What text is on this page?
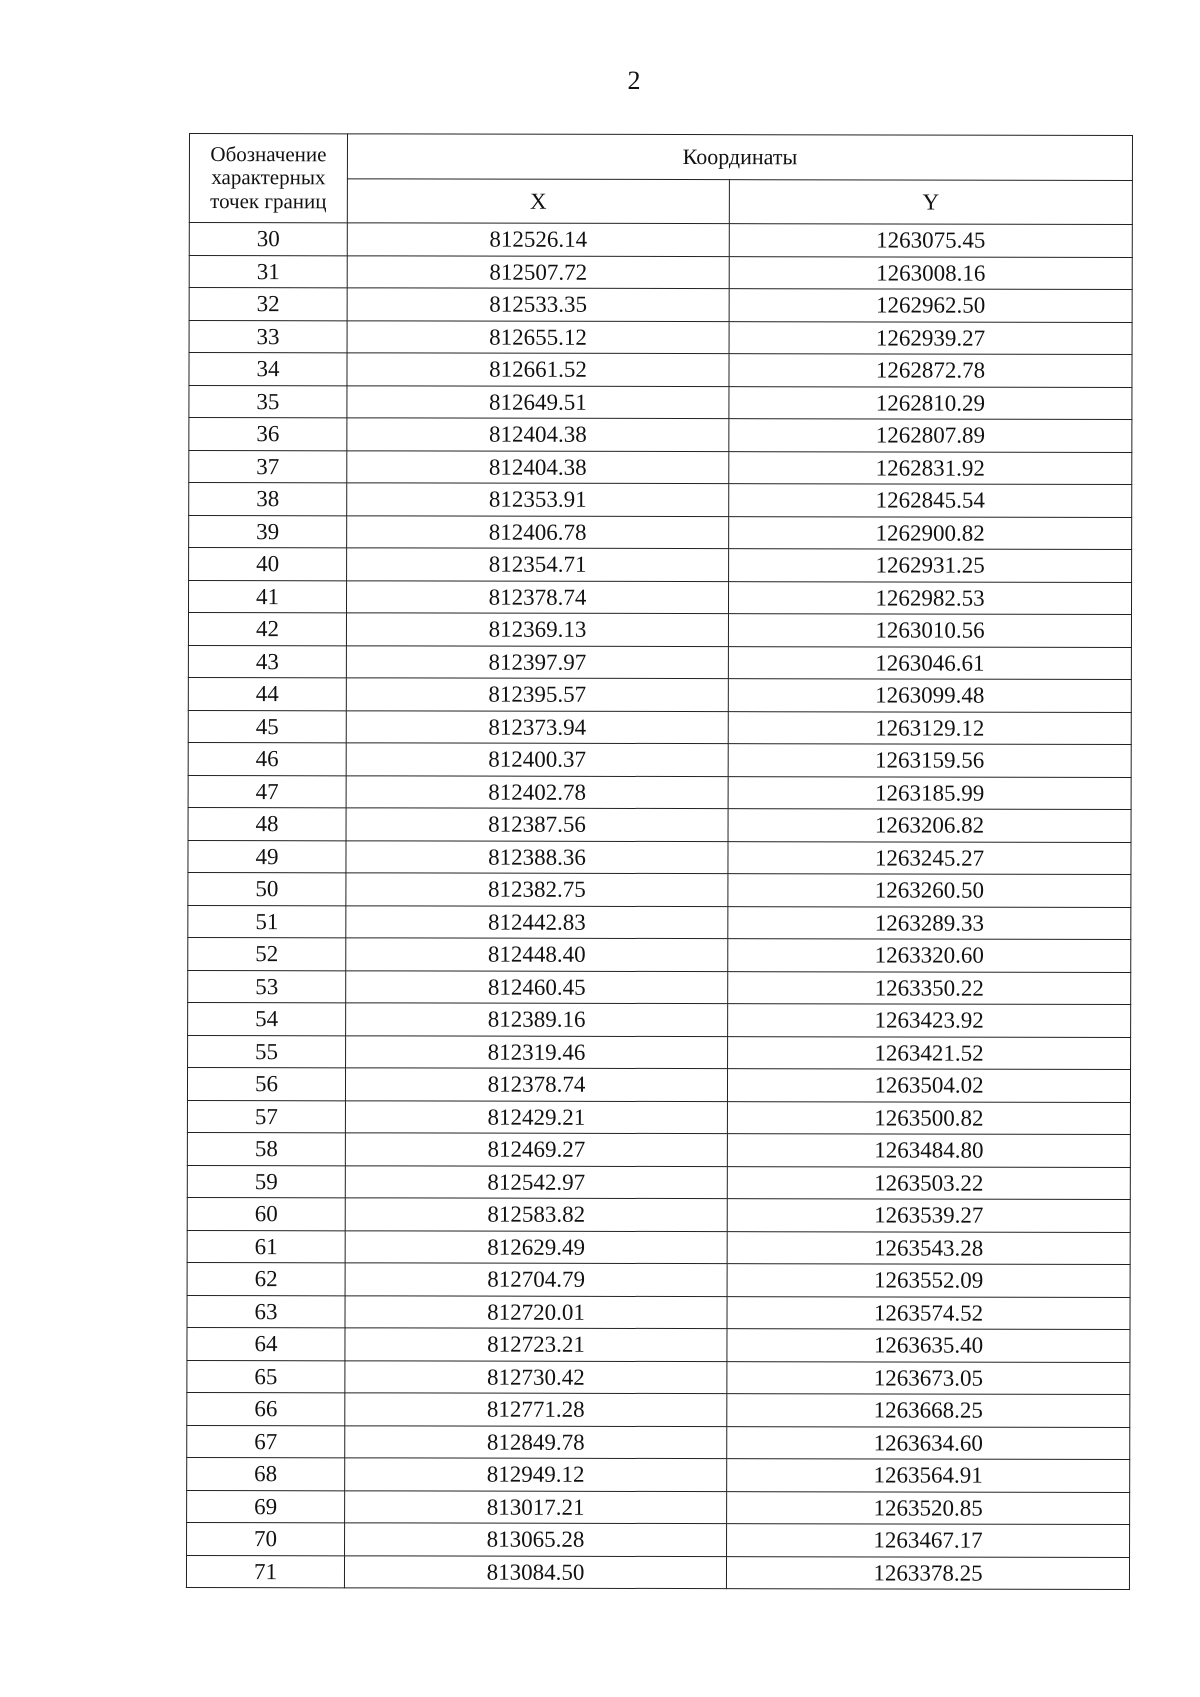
2
Обозначение характерных точек границ	Координаты	
	X	Y
30	812526.14	1263075.45
31	812507.72	1263008.16
32	812533.35	1262962.50
33	812655.12	1262939.27
34	812661.52	1262872.78
35	812649.51	1262810.29
36	812404.38	1262807.89
37	812404.38	1262831.92
38	812353.91	1262845.54
39	812406.78	1262900.82
40	812354.71	1262931.25
41	812378.74	1262982.53
42	812369.13	1263010.56
43	812397.97	1263046.61
44	812395.57	1263099.48
45	812373.94	1263129.12
46	812400.37	1263159.56
47	812402.78	1263185.99
48	812387.56	1263206.82
49	812388.36	1263245.27
50	812382.75	1263260.50
51	812442.83	1263289.33
52	812448.40	1263320.60
53	812460.45	1263350.22
54	812389.16	1263423.92
55	812319.46	1263421.52
56	812378.74	1263504.02
57	812429.21	1263500.82
58	812469.27	1263484.80
59	812542.97	1263503.22
60	812583.82	1263539.27
61	812629.49	1263543.28
62	812704.79	1263552.09
63	812720.01	1263574.52
64	812723.21	1263635.40
65	812730.42	1263673.05
66	812771.28	1263668.25
67	812849.78	1263634.60
68	812949.12	1263564.91
69	813017.21	1263520.85
70	813065.28	1263467.17
71	813084.50	1263378.25
